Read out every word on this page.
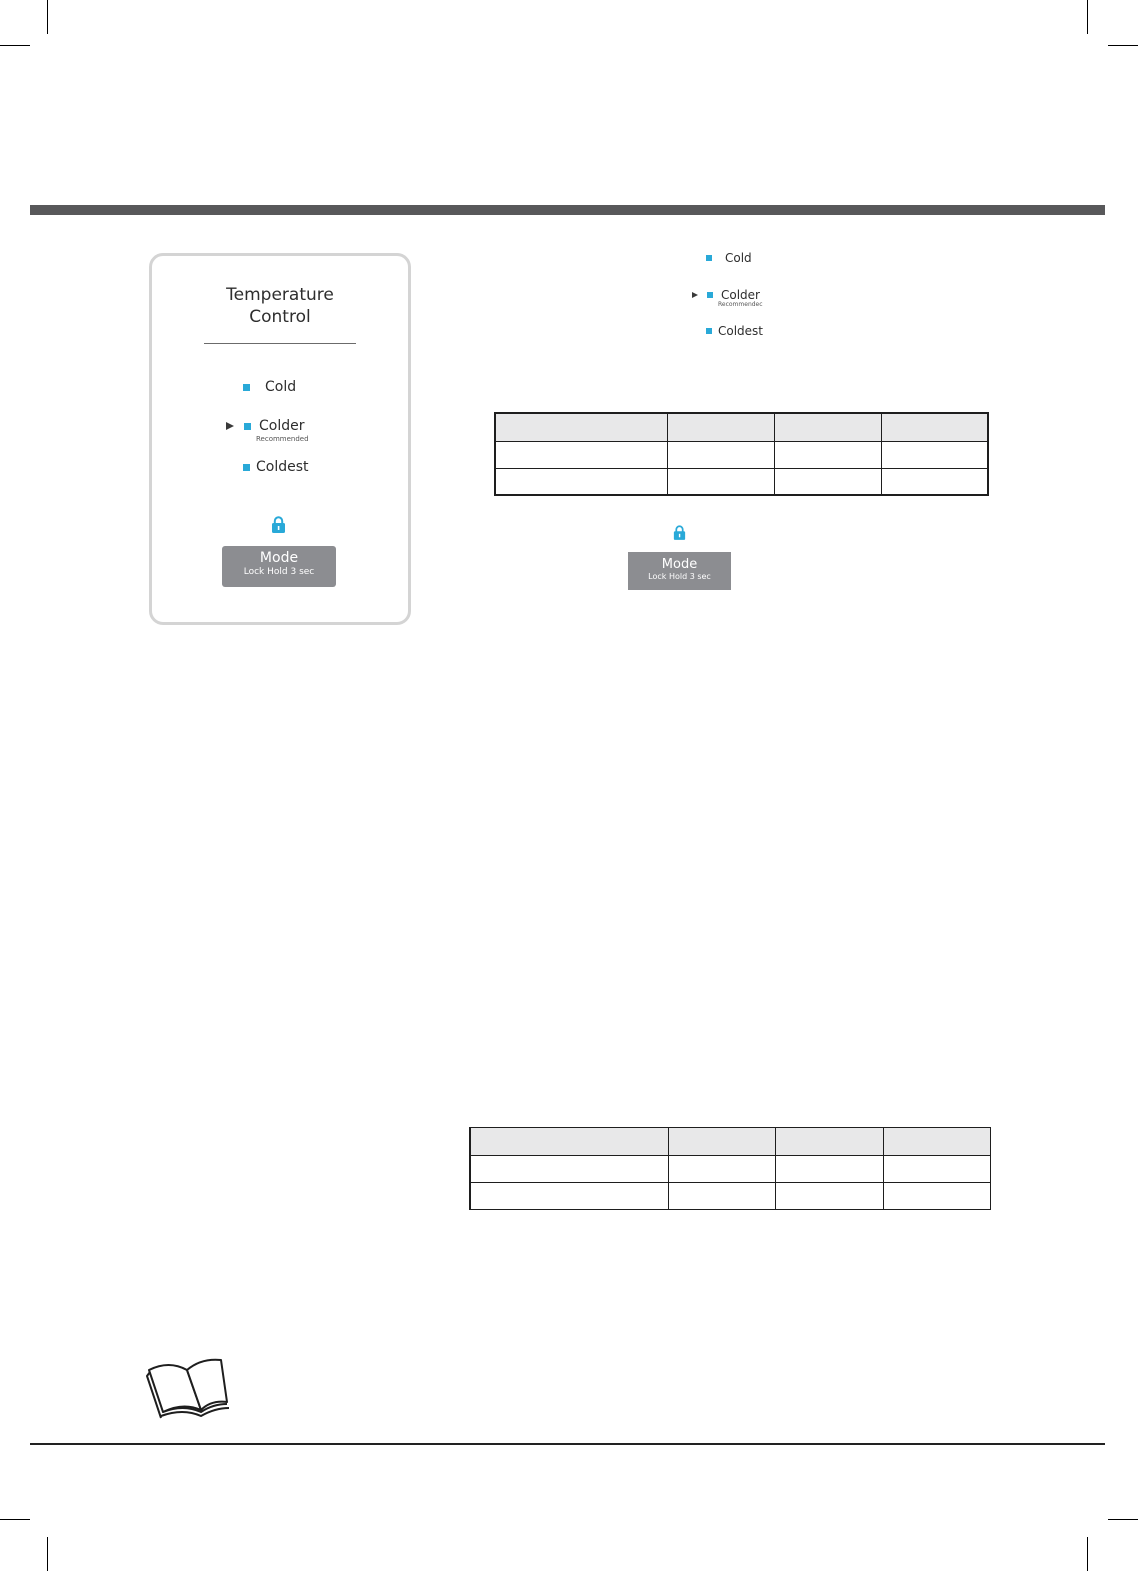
Temperature
Control
Cold
Colder
Recommended
Coldest
Mode
Lock Hold 3 sec
Cold
Colder
Recommendec
Coldest

Mode
Lock Hold 3 sec
